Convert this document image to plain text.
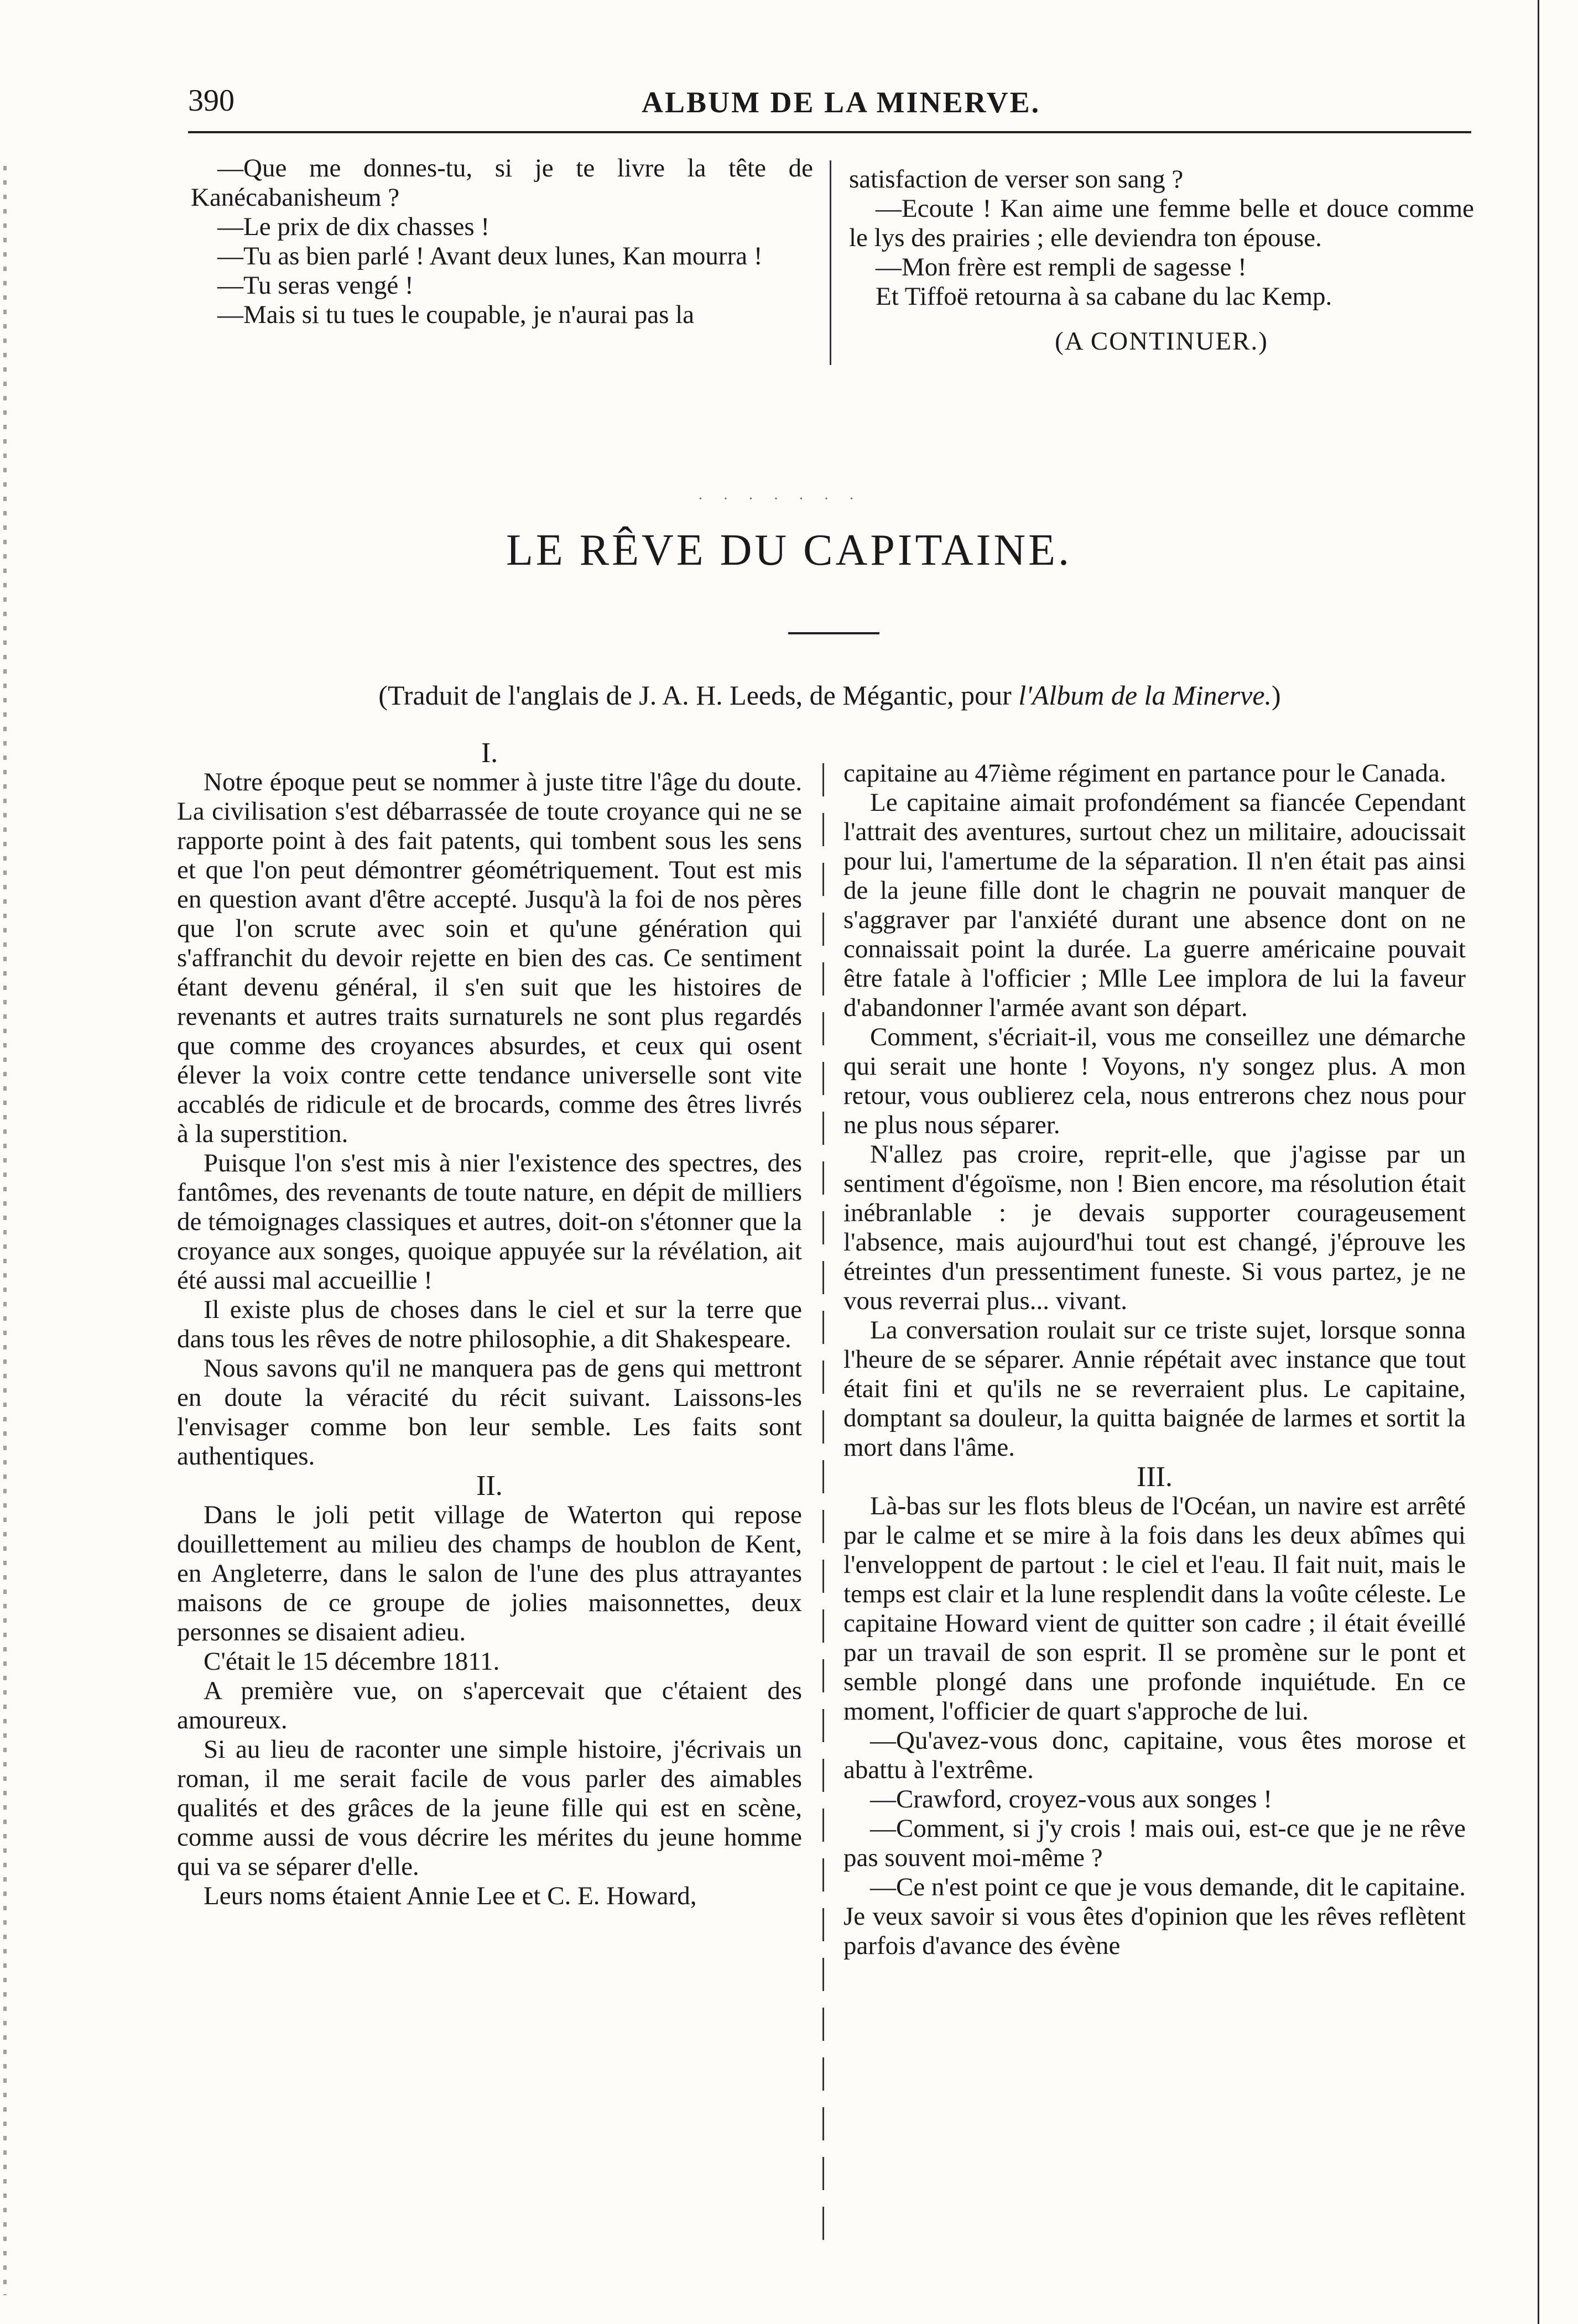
390	ALBUM DE LA MINERVE.

—Que me donnes-tu, si je te livre la tête de Kanécabanisheum ?

—Le prix de dix chasses !

—Tu as bien parlé ! Avant deux lunes, Kan mourra !

—Tu seras vengé !

—Mais si tu tues le coupable, je n'aurai pas la

satisfaction de verser son sang ?

—Ecoute ! Kan aime une femme belle et douce comme le lys des prairies ; elle deviendra ton épouse.

—Mon frère est rempli de sagesse !

Et Tiffoë retourna à sa cabane du lac Kemp.

(A CONTINUER.)

· · · · · · ·
LE RÊVE DU CAPITAINE.
(Traduit de l'anglais de J. A. H. Leeds, de Mégantic, pour l'Album de la Minerve.)

I.

Notre époque peut se nommer à juste titre l'âge du doute. La civilisation s'est débarrassée de toute croyance qui ne se rapporte point à des fait patents, qui tombent sous les sens et que l'on peut démontrer géométriquement. Tout est mis en question avant d'être accepté. Jusqu'à la foi de nos pères que l'on scrute avec soin et qu'une génération qui s'affranchit du devoir rejette en bien des cas. Ce sentiment étant devenu général, il s'en suit que les histoires de revenants et autres traits surnaturels ne sont plus regardés que comme des croyances absurdes, et ceux qui osent élever la voix contre cette tendance universelle sont vite accablés de ridicule et de brocards, comme des êtres livrés à la superstition.

Puisque l'on s'est mis à nier l'existence des spectres, des fantômes, des revenants de toute nature, en dépit de milliers de témoignages classiques et autres, doit-on s'étonner que la croyance aux songes, quoique appuyée sur la révélation, ait été aussi mal accueillie !

Il existe plus de choses dans le ciel et sur la terre que dans tous les rêves de notre philosophie, a dit Shakespeare.

Nous savons qu'il ne manquera pas de gens qui mettront en doute la véracité du récit suivant. Laissons-les l'envisager comme bon leur semble. Les faits sont authentiques.

II.

Dans le joli petit village de Waterton qui repose douillettement au milieu des champs de houblon de Kent, en Angleterre, dans le salon de l'une des plus attrayantes maisons de ce groupe de jolies maisonnettes, deux personnes se disaient adieu.

C'était le 15 décembre 1811.

A première vue, on s'apercevait que c'étaient des amoureux.

Si au lieu de raconter une simple histoire, j'écrivais un roman, il me serait facile de vous parler des aimables qualités et des grâces de la jeune fille qui est en scène, comme aussi de vous décrire les mérites du jeune homme qui va se séparer d'elle.

Leurs noms étaient Annie Lee et C. E. Howard,

capitaine au 47ième régiment en partance pour le Canada.

Le capitaine aimait profondément sa fiancée Cependant l'attrait des aventures, surtout chez un militaire, adoucissait pour lui, l'amertume de la séparation. Il n'en était pas ainsi de la jeune fille dont le chagrin ne pouvait manquer de s'aggraver par l'anxiété durant une absence dont on ne connaissait point la durée. La guerre américaine pouvait être fatale à l'officier ; Mlle Lee implora de lui la faveur d'abandonner l'armée avant son départ.

Comment, s'écriait-il, vous me conseillez une démarche qui serait une honte ! Voyons, n'y songez plus. A mon retour, vous oublierez cela, nous entrerons chez nous pour ne plus nous séparer.

N'allez pas croire, reprit-elle, que j'agisse par un sentiment d'égoïsme, non ! Bien encore, ma résolution était inébranlable : je devais supporter courageusement l'absence, mais aujourd'hui tout est changé, j'éprouve les étreintes d'un pressentiment funeste. Si vous partez, je ne vous reverrai plus... vivant.

La conversation roulait sur ce triste sujet, lorsque sonna l'heure de se séparer. Annie répétait avec instance que tout était fini et qu'ils ne se reverraient plus. Le capitaine, domptant sa douleur, la quitta baignée de larmes et sortit la mort dans l'âme.

III.

Là-bas sur les flots bleus de l'Océan, un navire est arrêté par le calme et se mire à la fois dans les deux abîmes qui l'enveloppent de partout : le ciel et l'eau. Il fait nuit, mais le temps est clair et la lune resplendit dans la voûte céleste. Le capitaine Howard vient de quitter son cadre ; il était éveillé par un travail de son esprit. Il se promène sur le pont et semble plongé dans une profonde inquiétude. En ce moment, l'officier de quart s'approche de lui.

—Qu'avez-vous donc, capitaine, vous êtes morose et abattu à l'extrême.

—Crawford, croyez-vous aux songes !

—Comment, si j'y crois ! mais oui, est-ce que je ne rêve pas souvent moi-même ?

—Ce n'est point ce que je vous demande, dit le capitaine. Je veux savoir si vous êtes d'opinion que les rêves reflètent parfois d'avance des évène
